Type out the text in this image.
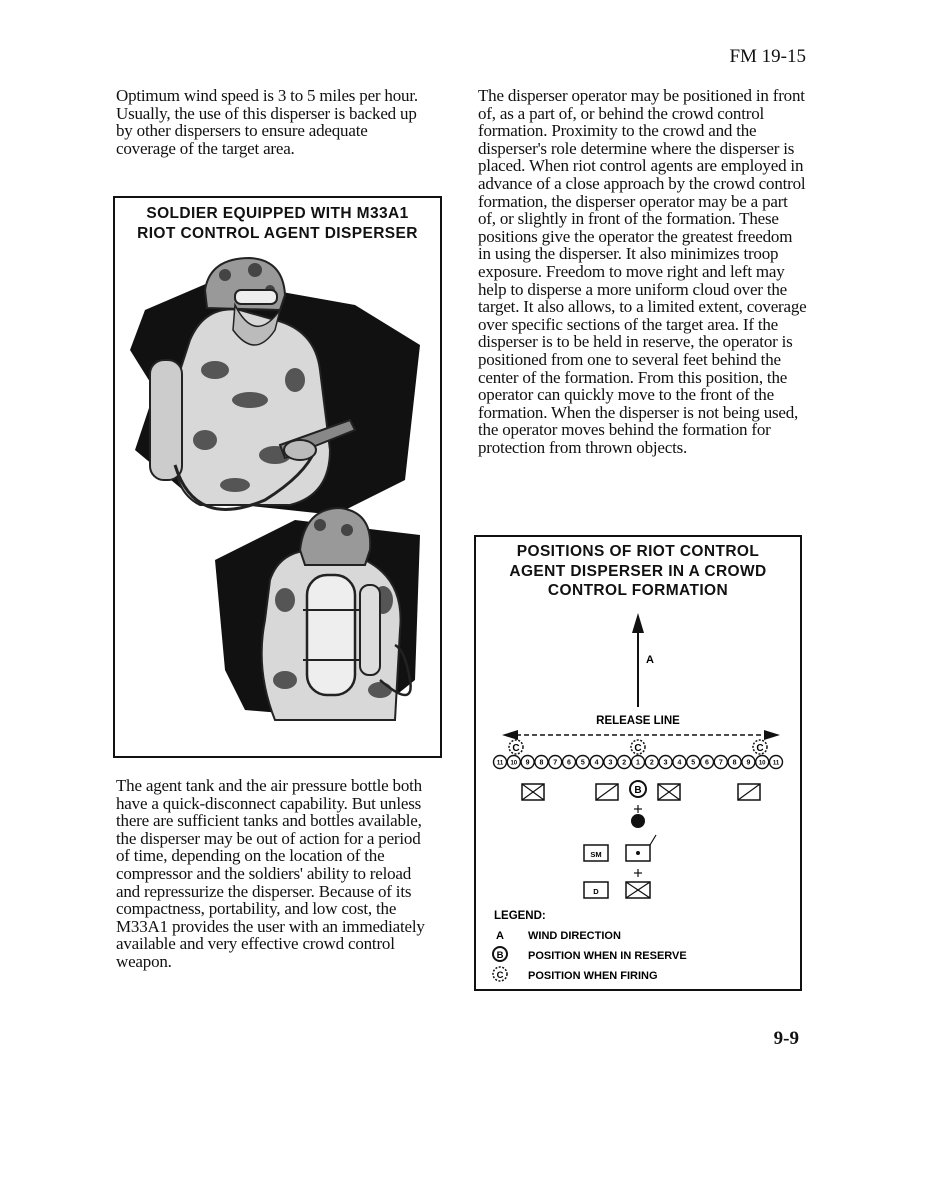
FM 19-15

Optimum wind speed is 3 to 5 miles per hour. Usually, the use of this disperser is backed up by other dispersers to ensure adequate coverage of the target area.

The disperser operator may be positioned in front of, as a part of, or behind the crowd control formation. Proximity to the crowd and the disperser's role determine where the disperser is placed. When riot control agents are employed in advance of a close approach by the crowd control formation, the disperser operator may be a part of, or slightly in front of the formation. These positions give the operator the greatest freedom in using the disperser. It also minimizes troop exposure. Freedom to move right and left may help to disperse a more uniform cloud over the target. It also allows, to a limited extent, coverage over specific sections of the target area. If the disperser is to be held in reserve, the operator is positioned from one to several feet behind the center of the formation. From this position, the operator can quickly move to the front of the formation. When the disperser is not being used, the operator moves behind the formation for protection from thrown objects.

The agent tank and the air pressure bottle both have a quick-disconnect capability. But unless there are sufficient tanks and bottles available, the disperser may be out of action for a period of time, depending on the location of the compressor and the soldiers' ability to reload and repressurize the disperser. Because of its compactness, portability, and low cost, the M33A1 provides the user with an immediately available and very effective crowd control weapon.

SOLDIER EQUIPPED WITH M33A1
RIOT CONTROL AGENT DISPERSER
POSITIONS OF RIOT CONTROL
AGENT DISPERSER IN A CROWD
CONTROL FORMATION
A
RELEASE LINE
C	C	C
11 10 9 8 7 6 5 4 3 2 1 2 3 4 5 6 7 8 9 10 11
B
SM
D
LEGEND:
A WIND DIRECTION
B POSITION WHEN IN RESERVE
C POSITION WHEN FIRING
9-9
